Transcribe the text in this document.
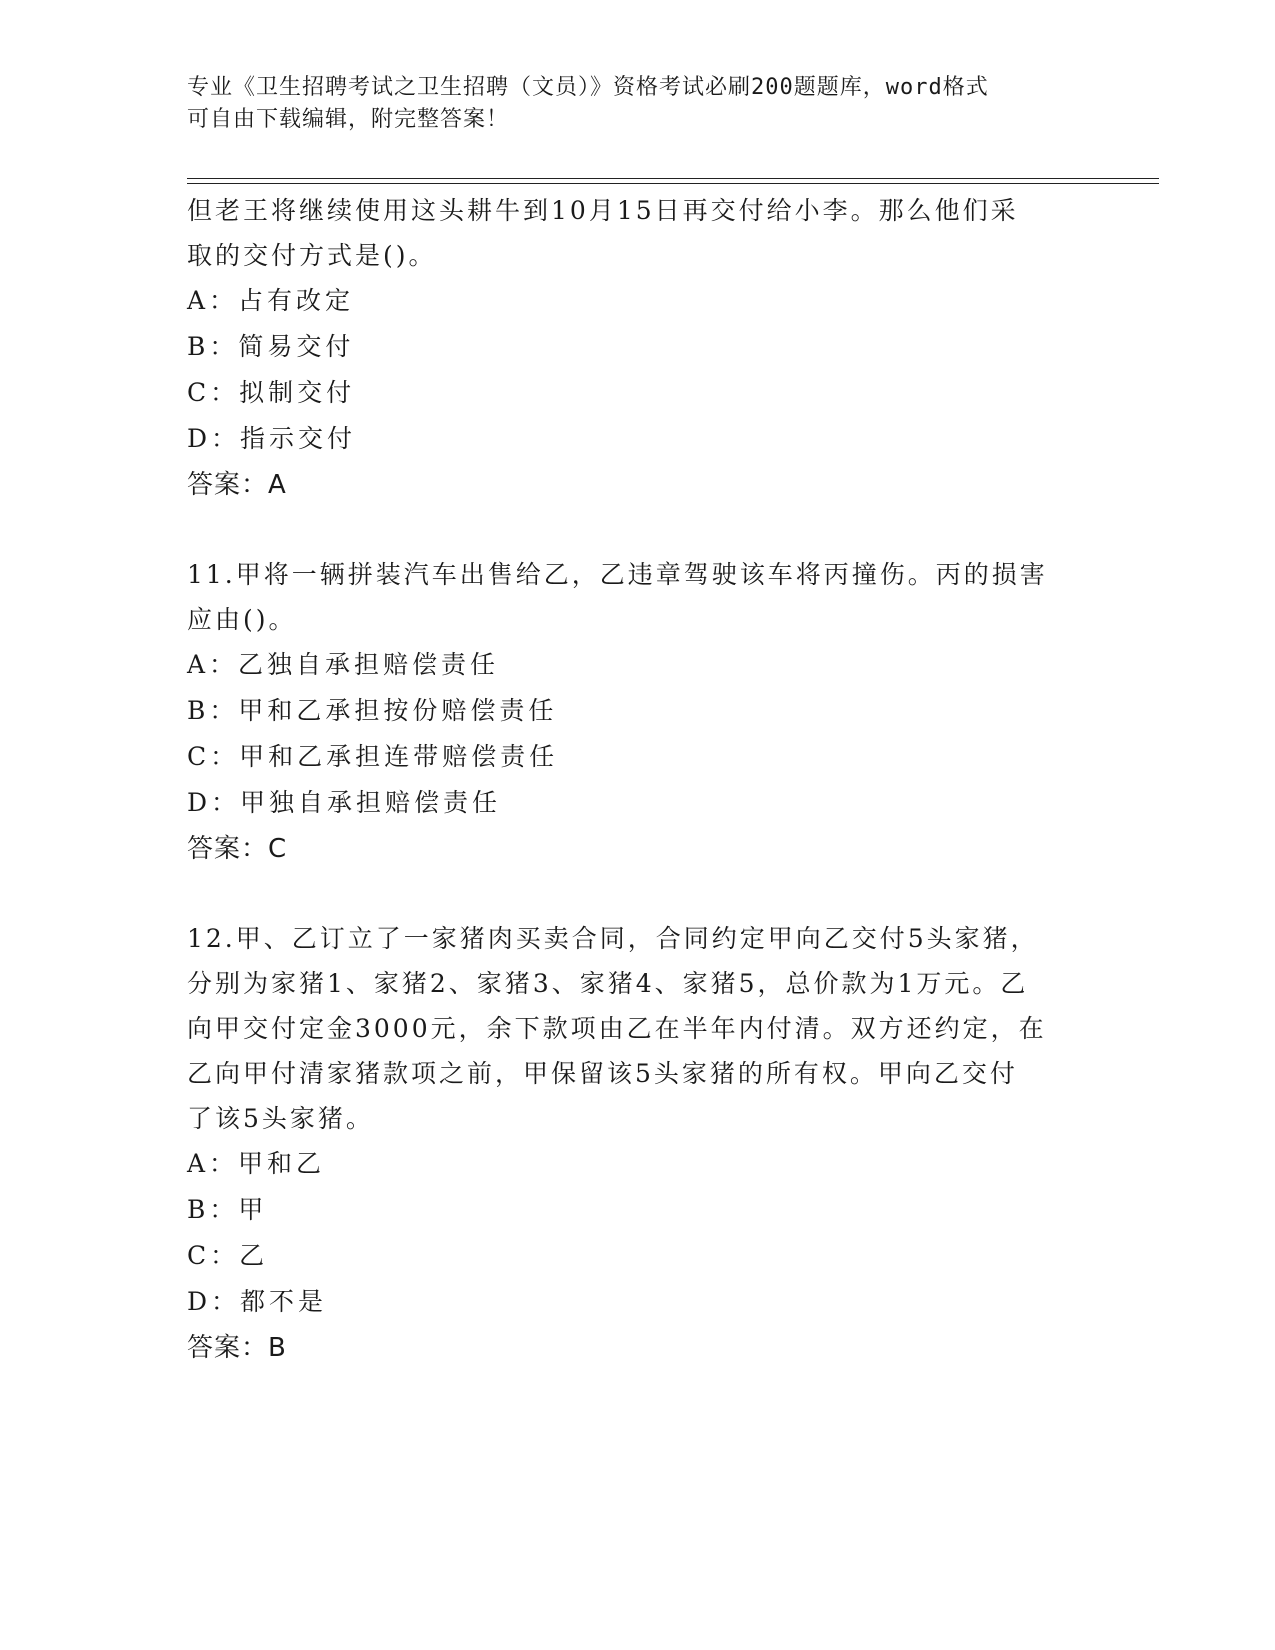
专业《卫生招聘考试之卫生招聘（文员）》资格考试必刷200题题库，word格式
可自由下载编辑，附完整答案！
但老王将继续使用这头耕牛到10月15日再交付给小李。那么他们采
取的交付方式是()。
A：占有改定
B：简易交付
C：拟制交付
D：指示交付
答案：A
11.甲将一辆拼装汽车出售给乙，乙违章驾驶该车将丙撞伤。丙的损害
应由()。
A：乙独自承担赔偿责任
B：甲和乙承担按份赔偿责任
C：甲和乙承担连带赔偿责任
D：甲独自承担赔偿责任
答案：C
12.甲、乙订立了一家猪肉买卖合同，合同约定甲向乙交付5头家猪，
分别为家猪1、家猪2、家猪3、家猪4、家猪5，总价款为1万元。乙
向甲交付定金3000元，余下款项由乙在半年内付清。双方还约定，在
乙向甲付清家猪款项之前，甲保留该5头家猪的所有权。甲向乙交付
了该5头家猪。
A：甲和乙
B：甲
C：乙
D：都不是
答案：B
